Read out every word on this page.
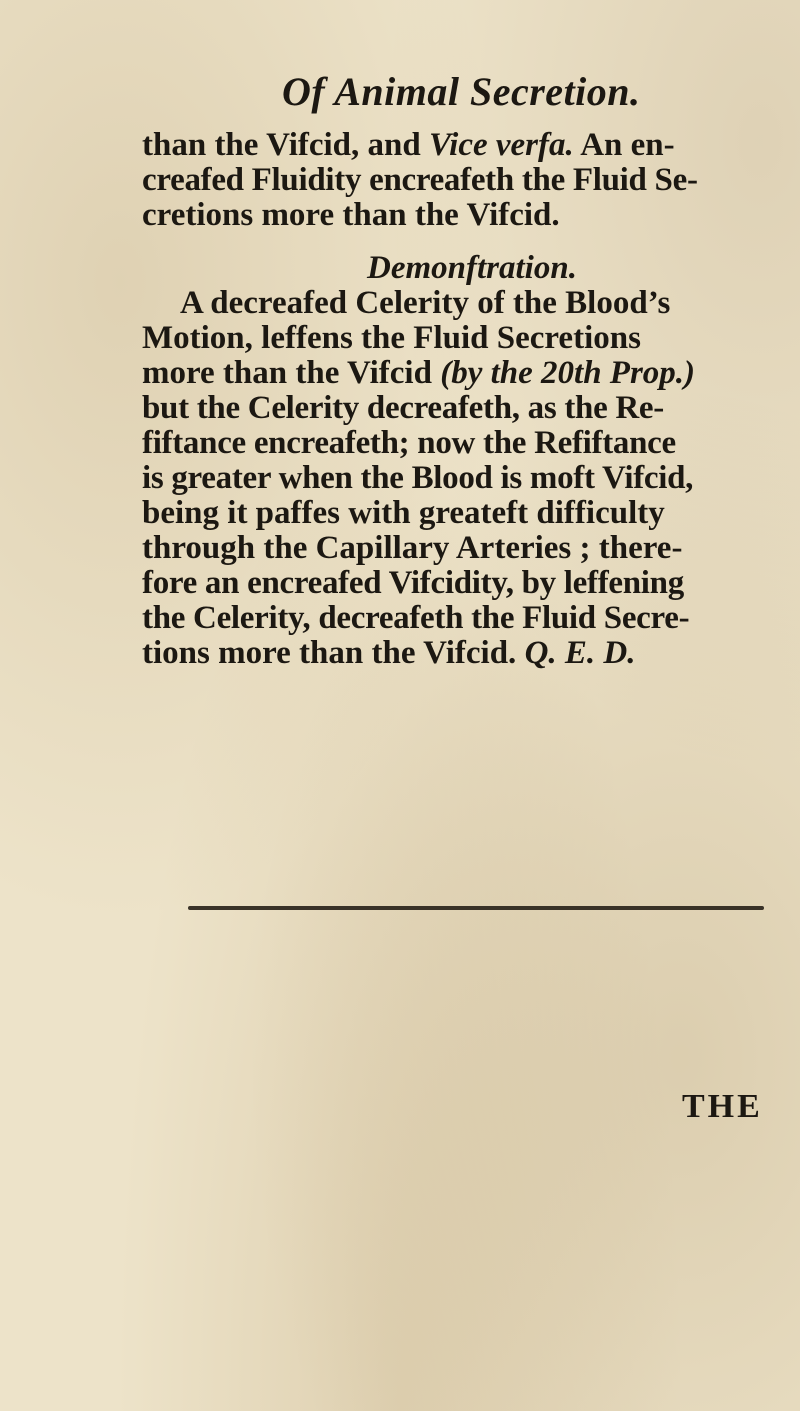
Of Animal Secretion.
than the Vifcid, and Vice verfa. An en-
creafed Fluidity encreafeth the Fluid Se-
cretions more than the Vifcid.
Demonftration.
A decreafed Celerity of the Blood’s
Motion, leffens the Fluid Secretions
more than the Vifcid (by the 20th Prop.)
but the Celerity decreafeth, as the Re-
fiftance encreafeth; now the Refiftance
is greater when the Blood is moft Vifcid,
being it paffes with greateft difficulty
through the Capillary Arteries ; there-
fore an encreafed Vifcidity, by leffening
the Celerity, decreafeth the Fluid Secre-
tions more than the Vifcid. Q. E. D.
THE
